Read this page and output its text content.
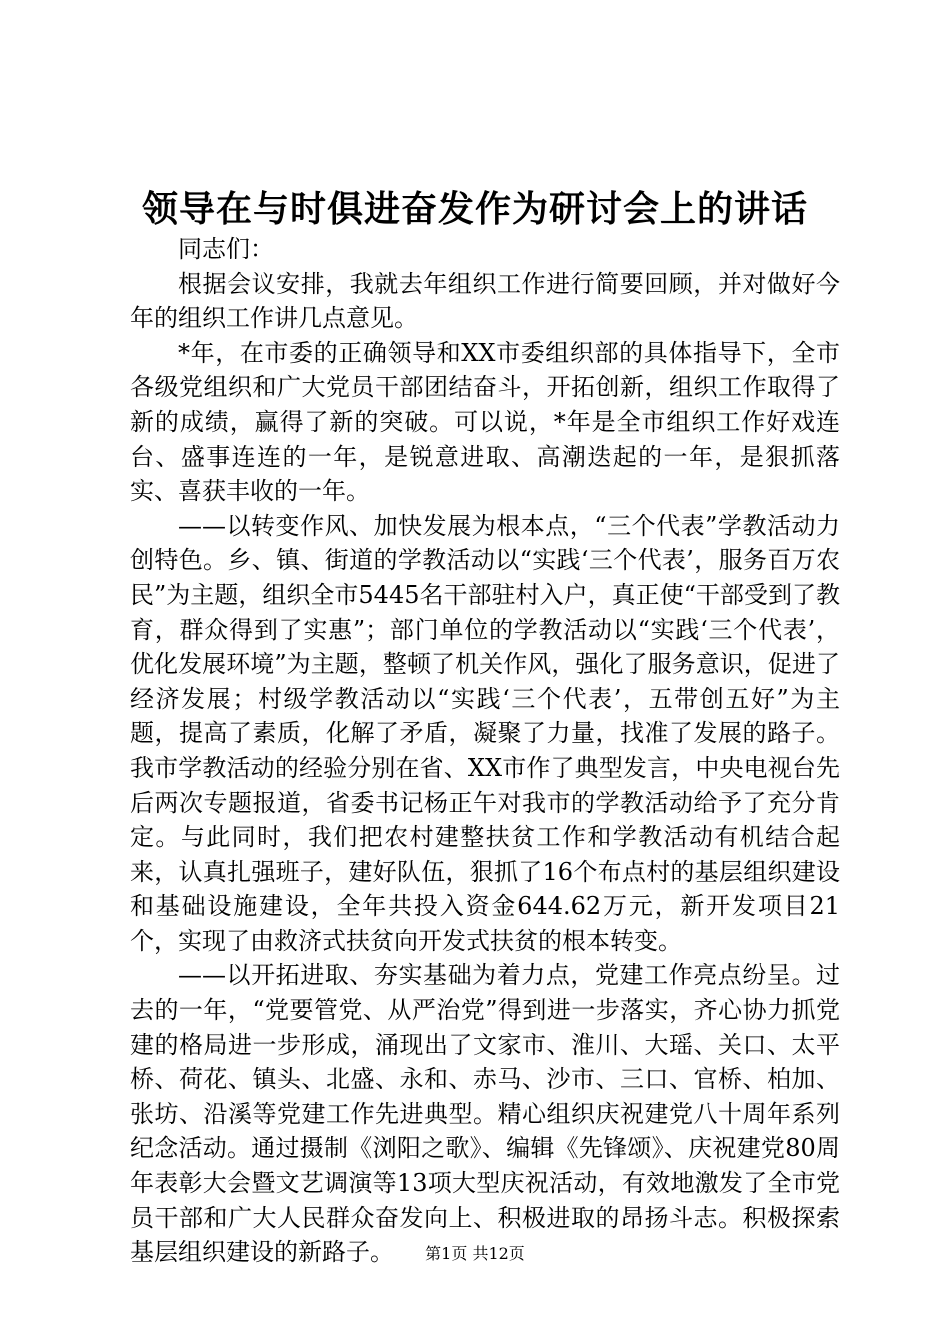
领导在与时俱进奋发作为研讨会上的讲话

同志们：

根据会议安排，我就去年组织工作进行简要回顾，并对做好今年的组织工作讲几点意见。

*年，在市委的正确领导和XX市委组织部的具体指导下，全市各级党组织和广大党员干部团结奋斗，开拓创新，组织工作取得了新的成绩，赢得了新的突破。可以说，*年是全市组织工作好戏连台、盛事连连的一年，是锐意进取、高潮迭起的一年，是狠抓落实、喜获丰收的一年。

——以转变作风、加快发展为根本点，“三个代表”学教活动力创特色。乡、镇、街道的学教活动以“实践‘三个代表’，服务百万农民”为主题，组织全市5445名干部驻村入户，真正使“干部受到了教育，群众得到了实惠”；部门单位的学教活动以“实践‘三个代表’，优化发展环境”为主题，整顿了机关作风，强化了服务意识，促进了经济发展；村级学教活动以“实践‘三个代表’，五带创五好”为主题，提高了素质，化解了矛盾，凝聚了力量，找准了发展的路子。我市学教活动的经验分别在省、XX市作了典型发言，中央电视台先后两次专题报道，省委书记杨正午对我市的学教活动给予了充分肯定。与此同时，我们把农村建整扶贫工作和学教活动有机结合起来，认真扎强班子，建好队伍，狠抓了16个布点村的基层组织建设和基础设施建设，全年共投入资金644.62万元，新开发项目21个，实现了由救济式扶贫向开发式扶贫的根本转变。

——以开拓进取、夯实基础为着力点，党建工作亮点纷呈。过去的一年，“党要管党、从严治党”得到进一步落实，齐心协力抓党建的格局进一步形成，涌现出了文家市、淮川、大瑶、关口、太平桥、荷花、镇头、北盛、永和、赤马、沙市、三口、官桥、柏加、张坊、沿溪等党建工作先进典型。精心组织庆祝建党八十周年系列纪念活动。通过摄制《浏阳之歌》、编辑《先锋颂》、庆祝建党80周年表彰大会暨文艺调演等13项大型庆祝活动，有效地激发了全市党员干部和广大人民群众奋发向上、积极进取的昂扬斗志。积极探索基层组织建设的新路子。	第1页 共12页
